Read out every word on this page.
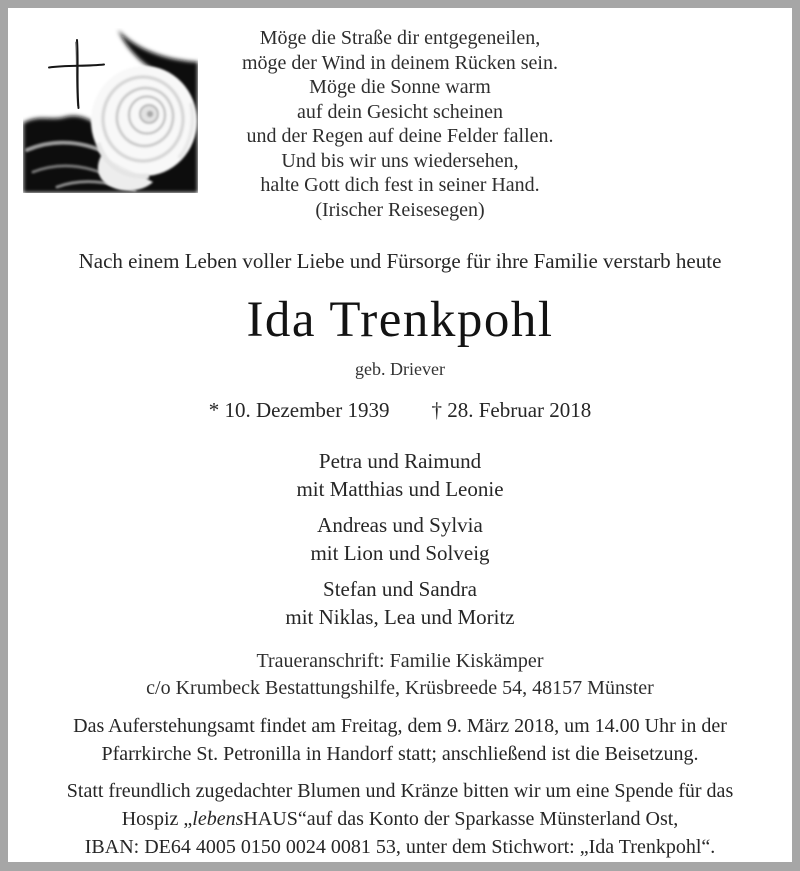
Möge die Straße dir entgegeneilen,
möge der Wind in deinem Rücken sein.
Möge die Sonne warm
auf dein Gesicht scheinen
und der Regen auf deine Felder fallen.
Und bis wir uns wiedersehen,
halte Gott dich fest in seiner Hand.
(Irischer Reisesegen)
Nach einem Leben voller Liebe und Fürsorge für ihre Familie verstarb heute
Ida Trenkpohl
geb. Driever
* 10. Dezember 1939 † 28. Februar 2018
Petra und Raimund
mit Matthias und Leonie
Andreas und Sylvia
mit Lion und Solveig
Stefan und Sandra
mit Niklas, Lea und Moritz
Traueranschrift: Familie Kiskämper
c/o Krumbeck Bestattungshilfe, Krüsbreede 54, 48157 Münster
Das Auferstehungsamt findet am Freitag, dem 9. März 2018, um 14.00 Uhr in der
Pfarrkirche St. Petronilla in Handorf statt; anschließend ist die Beisetzung.
Statt freundlich zugedachter Blumen und Kränze bitten wir um eine Spende für das
Hospiz „lebensHAUS“auf das Konto der Sparkasse Münsterland Ost,
IBAN: DE64 4005 0150 0024 0081 53, unter dem Stichwort: „Ida Trenkpohl“.
